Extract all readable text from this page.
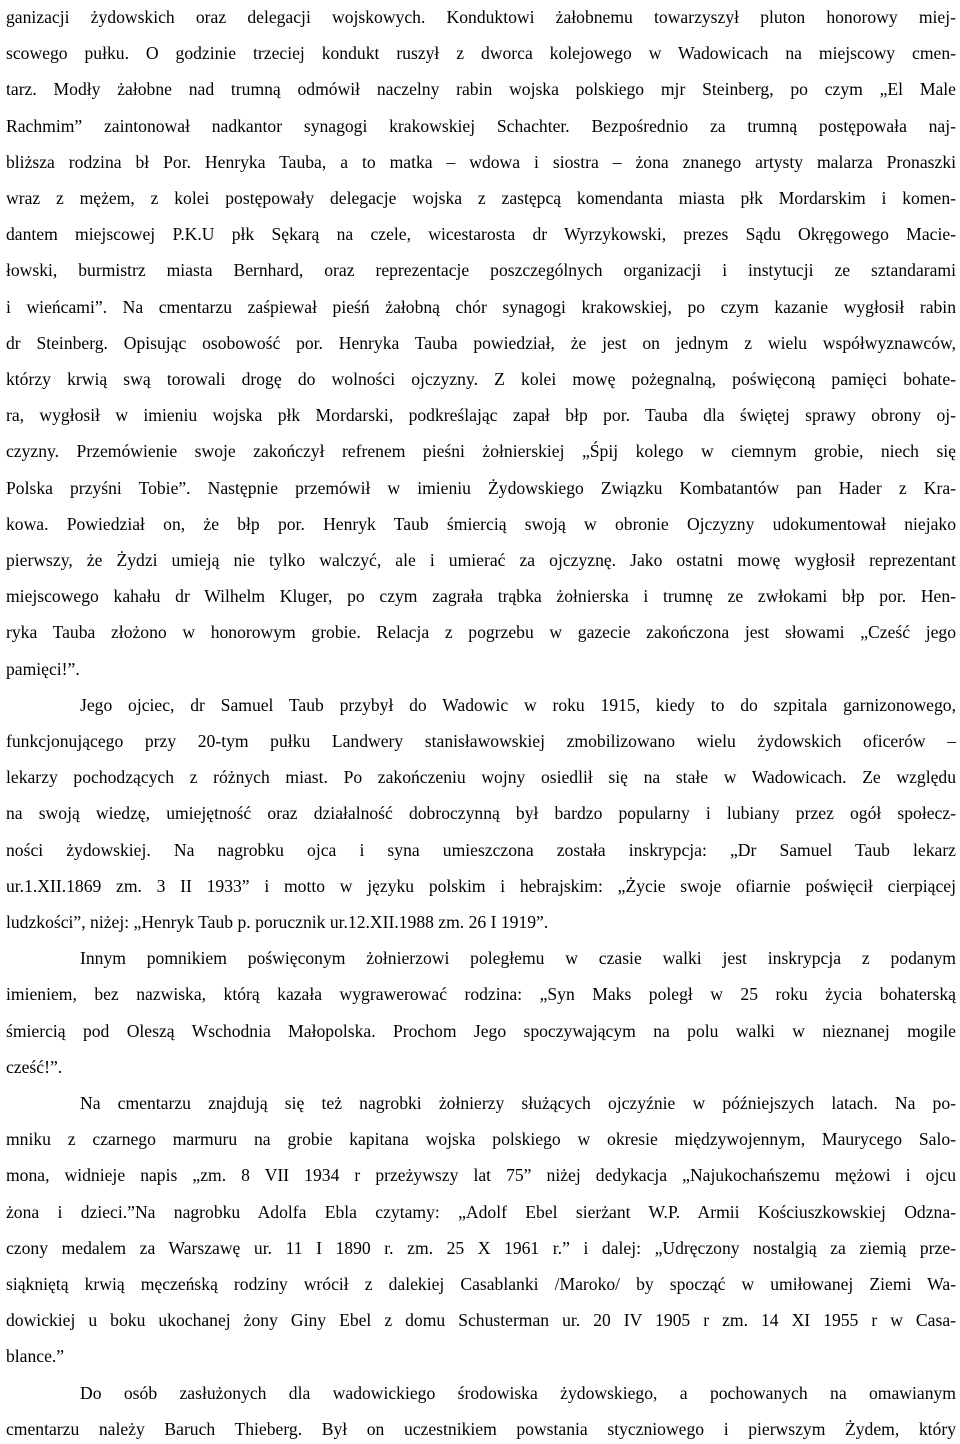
ganizacji żydowskich oraz delegacji wojskowych. Konduktowi żałobnemu towarzyszył pluton honorowy miej-
scowego pułku. O godzinie trzeciej kondukt ruszył z dworca kolejowego w Wadowicach na miejscowy cmen-
tarz. Modły żałobne nad trumną odmówił naczelny rabin wojska polskiego mjr Steinberg, po czym „El Male
Rachmim” zaintonował nadkantor synagogi krakowskiej Schachter. Bezpośrednio za trumną postępowała naj-
bliższa rodzina bł Por. Henryka Tauba, a to matka – wdowa i siostra – żona znanego artysty malarza Pronaszki
wraz z mężem, z kolei postępowały delegacje wojska z zastępcą komendanta miasta płk Mordarskim i komen-
dantem miejscowej P.K.U płk Sękarą na czele, wicestarosta dr Wyrzykowski, prezes Sądu Okręgowego Macie-
łowski, burmistrz miasta Bernhard, oraz reprezentacje poszczególnych organizacji i instytucji ze sztandarami
i wieńcami”. Na cmentarzu zaśpiewał pieśń żałobną chór synagogi krakowskiej, po czym kazanie wygłosił rabin
dr Steinberg. Opisując osobowość por. Henryka Tauba powiedział, że jest on jednym z wielu współwyznawców,
którzy krwią swą torowali drogę do wolności ojczyzny. Z kolei mowę pożegnalną, poświęconą pamięci bohate-
ra, wygłosił w imieniu wojska płk Mordarski, podkreślając zapał błp por. Tauba dla świętej sprawy obrony oj-
czyzny. Przemówienie swoje zakończył refrenem pieśni żołnierskiej „Śpij kolego w ciemnym grobie, niech się
Polska przyśni Tobie”. Następnie przemówił w imieniu Żydowskiego Związku Kombatantów pan Hader z Kra-
kowa. Powiedział on, że błp por. Henryk Taub śmiercią swoją w obronie Ojczyzny udokumentował niejako
pierwszy, że Żydzi umieją nie tylko walczyć, ale i umierać za ojczyznę. Jako ostatni mowę wygłosił reprezentant
miejscowego kahału dr Wilhelm Kluger, po czym zagrała trąbka żołnierska i trumnę ze zwłokami błp por. Hen-
ryka Tauba złożono w honorowym grobie. Relacja z pogrzebu w gazecie zakończona jest słowami „Cześć jego
pamięci!”.
Jego ojciec, dr Samuel Taub przybył do Wadowic w roku 1915, kiedy to do szpitala garnizonowego,
funkcjonującego przy 20-tym pułku Landwery stanisławowskiej zmobilizowano wielu żydowskich oficerów –
lekarzy pochodzących z różnych miast. Po zakończeniu wojny osiedlił się na stałe w Wadowicach. Ze względu
na swoją wiedzę, umiejętność oraz działalność dobroczynną był bardzo popularny i lubiany przez ogół społecz-
ności żydowskiej. Na nagrobku ojca i syna umieszczona została inskrypcja: „Dr Samuel Taub lekarz
ur.1.XII.1869 zm. 3 II 1933” i motto w języku polskim i hebrajskim: „Życie swoje ofiarnie poświęcił cierpiącej
ludzkości”, niżej: „Henryk Taub p. porucznik ur.12.XII.1988 zm. 26 I 1919”.
Innym pomnikiem poświęconym żołnierzowi poległemu w czasie walki jest inskrypcja z podanym
imieniem, bez nazwiska, którą kazała wygrawerować rodzina: „Syn Maks poległ w 25 roku życia bohaterską
śmiercią pod Oleszą Wschodnia Małopolska. Prochom Jego spoczywającym na polu walki w nieznanej mogile
cześć!”.
Na cmentarzu znajdują się też nagrobki żołnierzy służących ojczyźnie w późniejszych latach. Na po-
mniku z czarnego marmuru na grobie kapitana wojska polskiego w okresie międzywojennym, Maurycego Salo-
mona, widnieje napis „zm. 8 VII 1934 r przeżywszy lat 75” niżej dedykacja „Najukochańszemu mężowi i ojcu
żona i dzieci.”Na nagrobku Adolfa Ebla czytamy: „Adolf Ebel sierżant W.P. Armii Kościuszkowskiej Odzna-
czony medalem za Warszawę ur. 11 I 1890 r. zm. 25 X 1961 r.” i dalej: „Udręczony nostalgią za ziemią prze-
siąkniętą krwią męczeńską rodziny wrócił z dalekiej Casablanki /Maroko/ by spocząć w umiłowanej Ziemi Wa-
dowickiej u boku ukochanej żony Giny Ebel z domu Schusterman ur. 20 IV 1905 r zm. 14 XI 1955 r w Casa-
blance.”
Do osób zasłużonych dla wadowickiego środowiska żydowskiego, a pochowanych na omawianym
cmentarzu należy Baruch Thieberg. Był on uczestnikiem powstania styczniowego i pierwszym Żydem, który
